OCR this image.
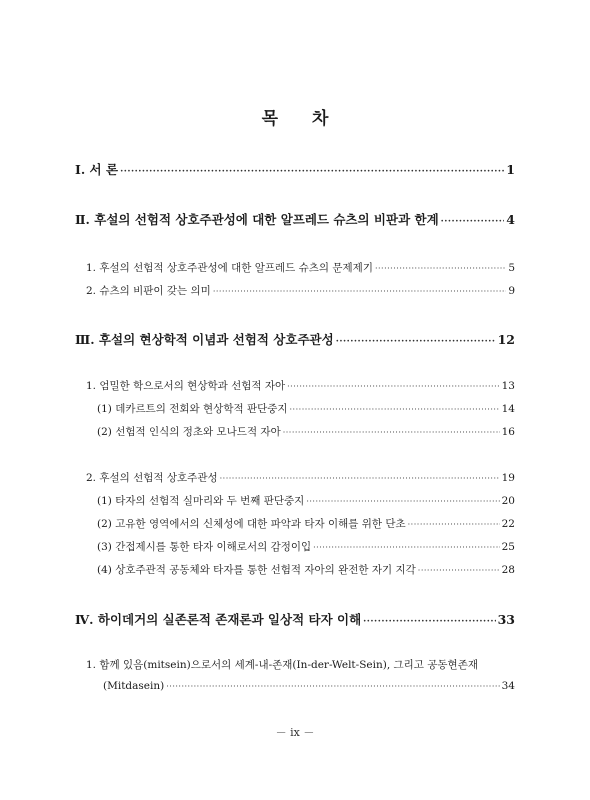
목 차
Ⅰ. 서 론 ·····	1
Ⅱ. 후설의 선험적 상호주관성에 대한 알프레드 슈츠의 비판과 한계 ·····	4
1. 후설의 선험적 상호주관성에 대한 알프레드 슈츠의 문제제기 ·····	5
2. 슈츠의 비판이 갖는 의미 ·····	9
Ⅲ. 후설의 현상학적 이념과 선험적 상호주관성 ·····	12
1. 엄밀한 학으로서의 현상학과 선험적 자아 ·····	13
(1) 데카르트의 전회와 현상학적 판단중지 ·····	14
(2) 선험적 인식의 정초와 모나드적 자아 ·····	16
2. 후설의 선험적 상호주관성 ·····	19
(1) 타자의 선험적 실마리와 두 번째 판단중지 ·····	20
(2) 고유한 영역에서의 신체성에 대한 파악과 타자 이해를 위한 단초 ·····	22
(3) 간접제시를 통한 타자 이해로서의 감정이입 ·····	25
(4) 상호주관적 공동체와 타자를 통한 선험적 자아의 완전한 자기 지각 ·····	28
Ⅳ. 하이데거의 실존론적 존재론과 일상적 타자 이해 ·····	33
1. 함께 있음(mitsein)으로서의 세계-내-존재(In-der-Welt-Sein), 그리고 공동현존재
(Mitdasein) ·····	34
－ ix －
